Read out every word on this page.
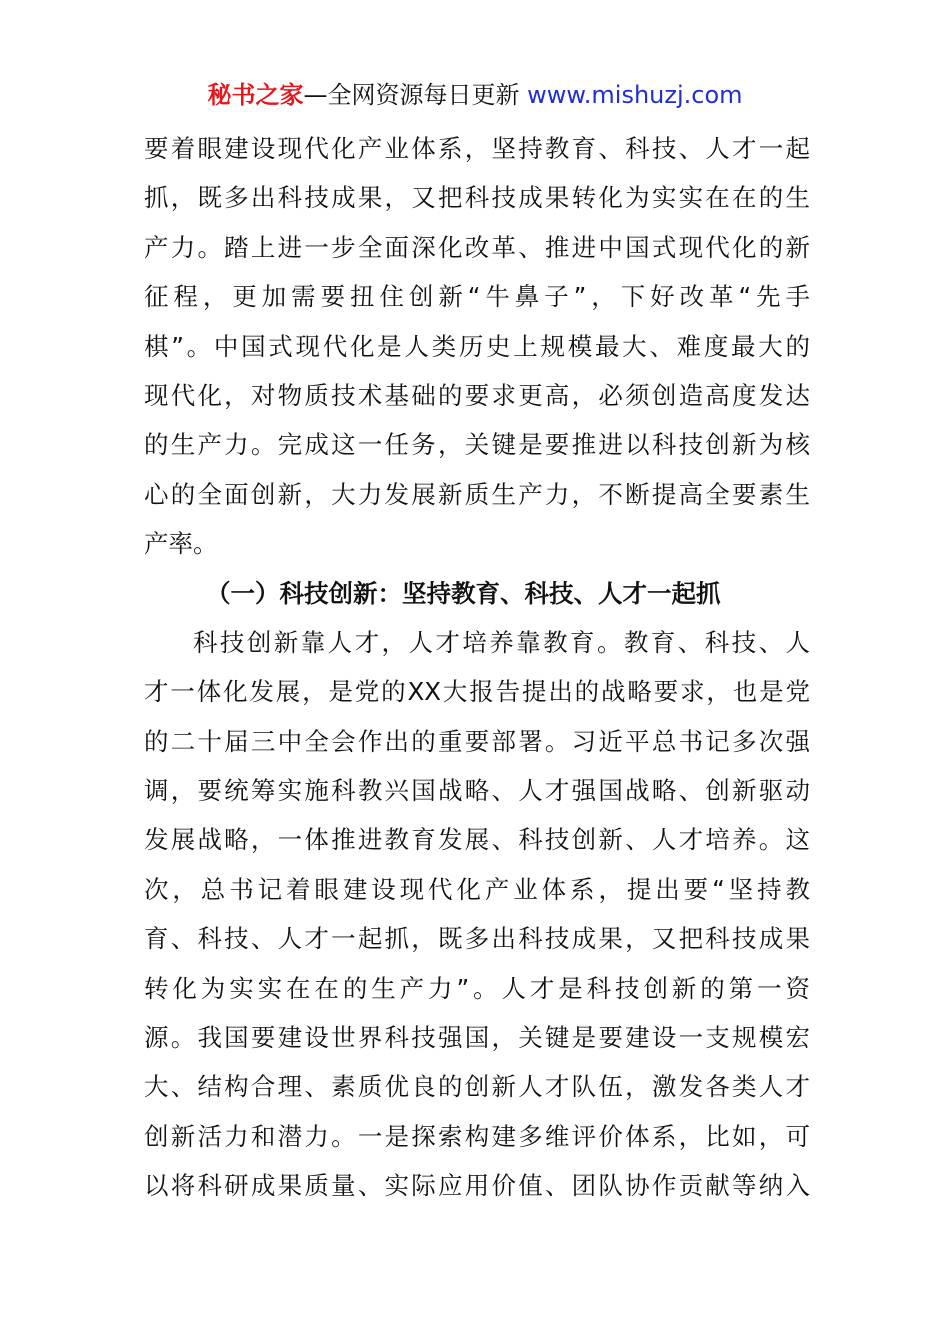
秘书之家—全网资源每日更新 www.mishuzj.com
要着眼建设现代化产业体系，坚持教育、科技、人才一起
抓，既多出科技成果，又把科技成果转化为实实在在的生
产力。踏上进一步全面深化改革、推进中国式现代化的新
征程，更加需要扭住创新“牛鼻子”，下好改革“先手
棋”。中国式现代化是人类历史上规模最大、难度最大的
现代化，对物质技术基础的要求更高，必须创造高度发达
的生产力。完成这一任务，关键是要推进以科技创新为核
心的全面创新，大力发展新质生产力，不断提高全要素生
产率。
（一）科技创新：坚持教育、科技、人才一起抓
科技创新靠人才，人才培养靠教育。教育、科技、人
才一体化发展，是党的XX大报告提出的战略要求，也是党
的二十届三中全会作出的重要部署。习近平总书记多次强
调，要统筹实施科教兴国战略、人才强国战略、创新驱动
发展战略，一体推进教育发展、科技创新、人才培养。这
次，总书记着眼建设现代化产业体系，提出要“坚持教
育、科技、人才一起抓，既多出科技成果，又把科技成果
转化为实实在在的生产力”。人才是科技创新的第一资
源。我国要建设世界科技强国，关键是要建设一支规模宏
大、结构合理、素质优良的创新人才队伍，激发各类人才
创新活力和潜力。一是探索构建多维评价体系，比如，可
以将科研成果质量、实际应用价值、团队协作贡献等纳入
